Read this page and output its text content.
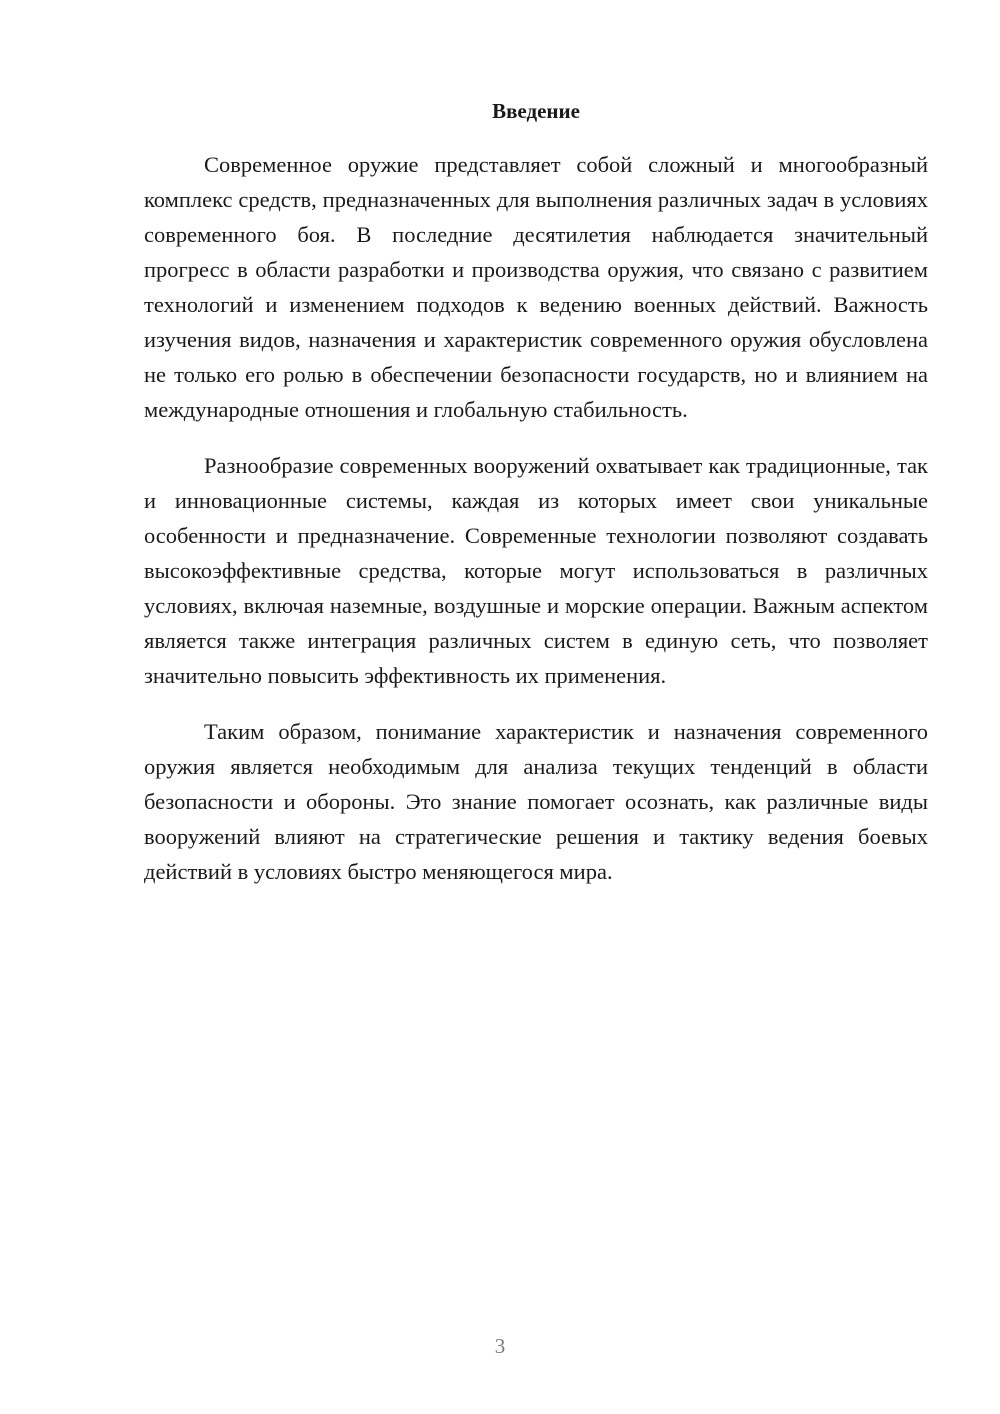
Введение

Современное оружие представляет собой сложный и многообразный комплекс средств, предназначенных для выполнения различных задач в условиях современного боя. В последние десятилетия наблюдается значительный прогресс в области разработки и производства оружия, что связано с развитием технологий и изменением подходов к ведению военных действий. Важность изучения видов, назначения и характеристик современного оружия обусловлена не только его ролью в обеспечении безопасности государств, но и влиянием на международные отношения и глобальную стабильность.

Разнообразие современных вооружений охватывает как традиционные, так и инновационные системы, каждая из которых имеет свои уникальные особенности и предназначение. Современные технологии позволяют создавать высокоэффективные средства, которые могут использоваться в различных условиях, включая наземные, воздушные и морские операции. Важным аспектом является также интеграция различных систем в единую сеть, что позволяет значительно повысить эффективность их применения.

Таким образом, понимание характеристик и назначения современного оружия является необходимым для анализа текущих тенденций в области безопасности и обороны. Это знание помогает осознать, как различные виды вооружений влияют на стратегические решения и тактику ведения боевых действий в условиях быстро меняющегося мира.

3
